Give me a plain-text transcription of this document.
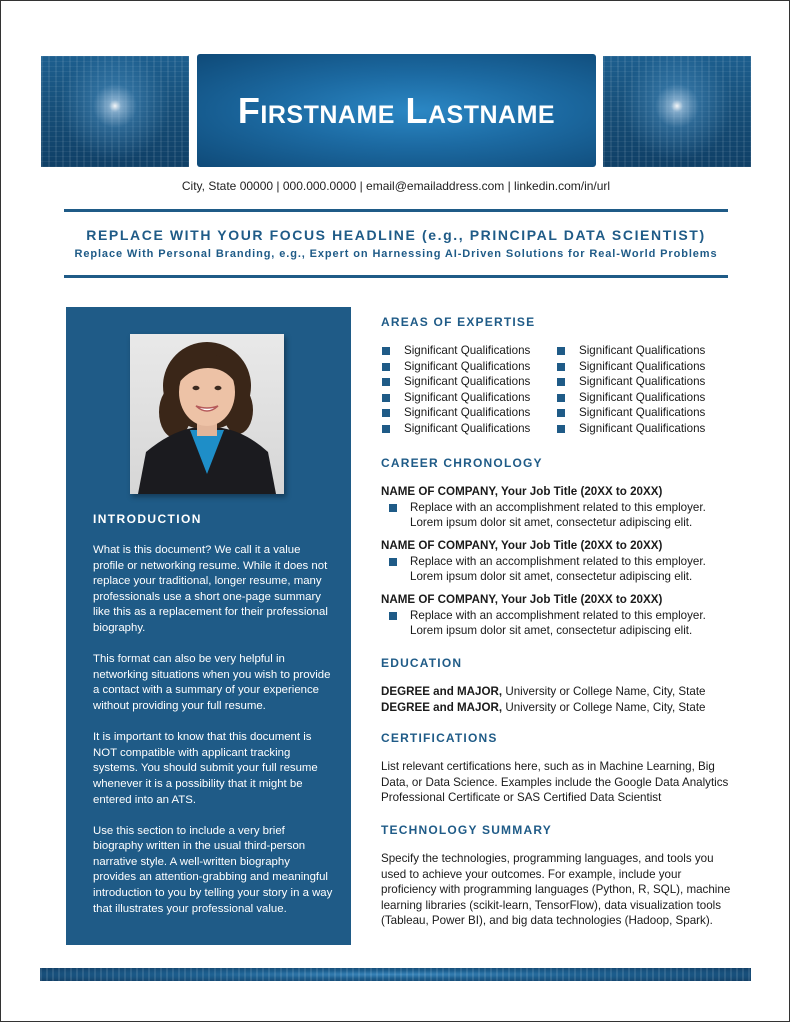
Firstname Lastname
City, State 00000 | 000.000.0000 | email@emailaddress.com | linkedin.com/in/url
REPLACE WITH YOUR FOCUS HEADLINE (e.g., PRINCIPAL DATA SCIENTIST)
Replace With Personal Branding, e.g., Expert on Harnessing AI-Driven Solutions for Real-World Problems
INTRODUCTION

What is this document? We call it a value profile or networking resume. While it does not replace your traditional, longer resume, many professionals use a short one-page summary like this as a replacement for their professional biography.

This format can also be very helpful in networking situations when you wish to provide a contact with a summary of your experience without providing your full resume.

It is important to know that this document is NOT compatible with applicant tracking systems. You should submit your full resume whenever it is a possibility that it might be entered into an ATS.

Use this section to include a very brief biography written in the usual third-person narrative style. A well-written biography provides an attention-grabbing and meaningful introduction to you by telling your story in a way that illustrates your professional value.

AREAS OF EXPERTISE
Significant Qualifications
Significant Qualifications
Significant Qualifications
Significant Qualifications
Significant Qualifications
Significant Qualifications
Significant Qualifications
Significant Qualifications
Significant Qualifications
Significant Qualifications
Significant Qualifications
Significant Qualifications
CAREER CHRONOLOGY
NAME OF COMPANY, Your Job Title (20XX to 20XX)
Replace with an accomplishment related to this employer. Lorem ipsum dolor sit amet, consectetur adipiscing elit.
NAME OF COMPANY, Your Job Title (20XX to 20XX)
Replace with an accomplishment related to this employer. Lorem ipsum dolor sit amet, consectetur adipiscing elit.
NAME OF COMPANY, Your Job Title (20XX to 20XX)
Replace with an accomplishment related to this employer. Lorem ipsum dolor sit amet, consectetur adipiscing elit.
EDUCATION
DEGREE and MAJOR, University or College Name, City, State
DEGREE and MAJOR, University or College Name, City, State
CERTIFICATIONS
List relevant certifications here, such as in Machine Learning, Big Data, or Data Science. Examples include the Google Data Analytics Professional Certificate or SAS Certified Data Scientist
TECHNOLOGY SUMMARY
Specify the technologies, programming languages, and tools you used to achieve your outcomes. For example, include your proficiency with programming languages (Python, R, SQL), machine learning libraries (scikit-learn, TensorFlow), data visualization tools (Tableau, Power BI), and big data technologies (Hadoop, Spark).
